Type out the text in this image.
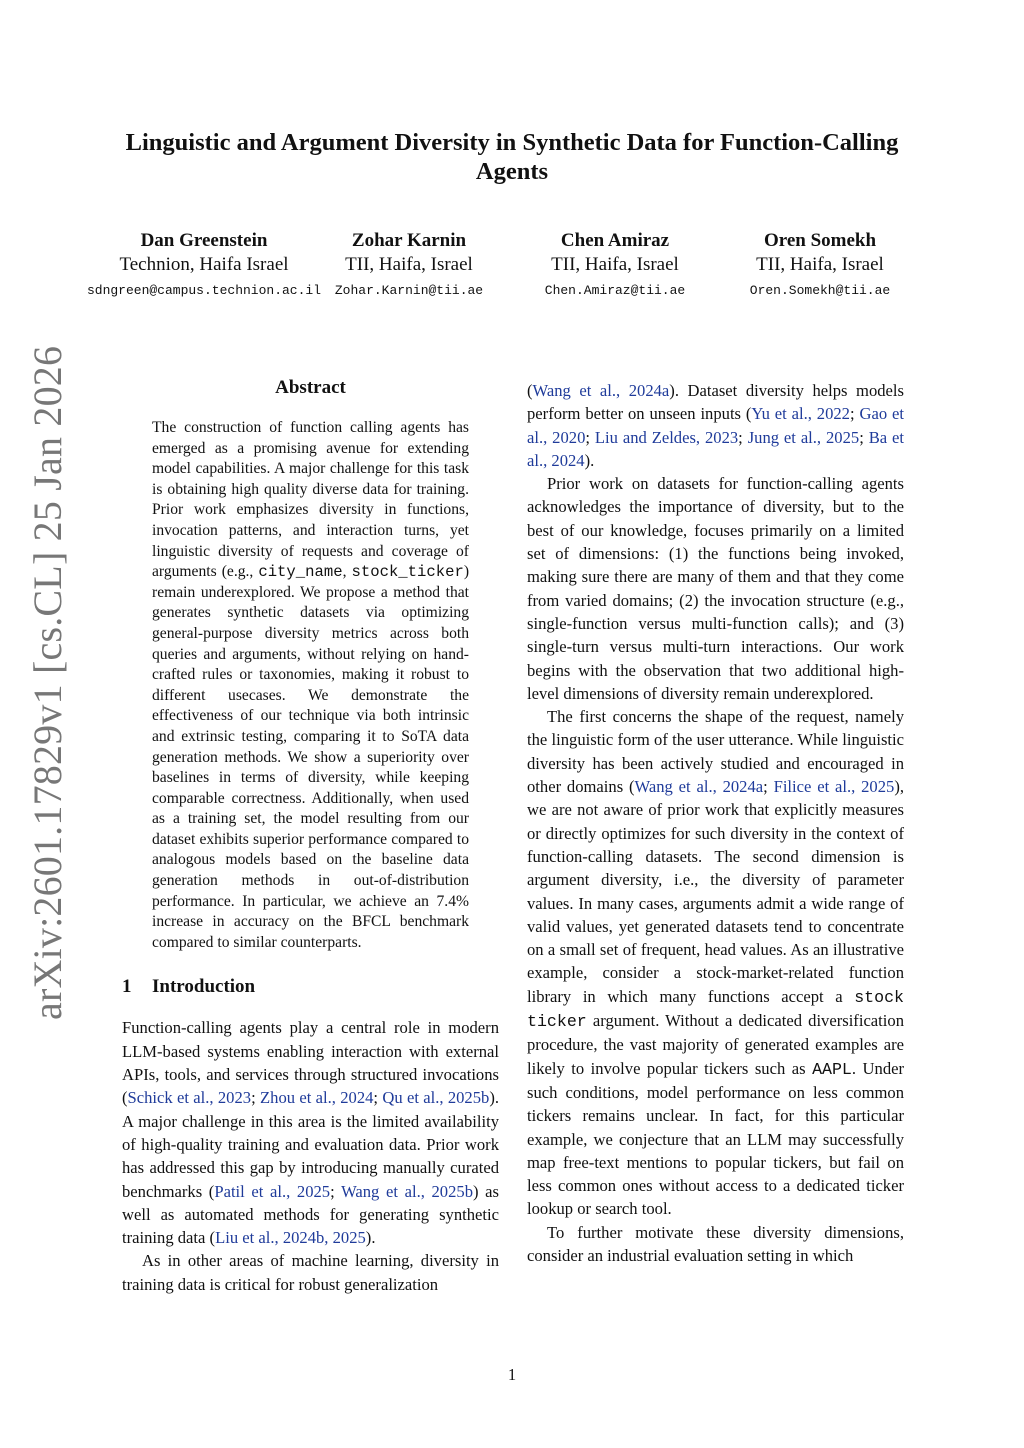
arXiv:2601.17829v1 [cs.CL] 25 Jan 2026
Linguistic and Argument Diversity in Synthetic Data for Function-Calling Agents
Dan Greenstein
Technion, Haifa Israel
sdngreen@campus.technion.ac.il
Zohar Karnin
TII, Haifa, Israel
Zohar.Karnin@tii.ae
Chen Amiraz
TII, Haifa, Israel
Chen.Amiraz@tii.ae
Oren Somekh
TII, Haifa, Israel
Oren.Somekh@tii.ae
Abstract

The construction of function calling agents has emerged as a promising avenue for extending model capabilities. A major challenge for this task is obtaining high quality diverse data for training. Prior work emphasizes diversity in functions, invocation patterns, and interaction turns, yet linguistic diversity of requests and coverage of arguments (e.g., city_name, stock_ticker) remain underexplored. We propose a method that generates synthetic datasets via optimizing general-purpose diversity metrics across both queries and arguments, without relying on hand-crafted rules or taxonomies, making it robust to different usecases. We demonstrate the effectiveness of our technique via both intrinsic and extrinsic testing, comparing it to SoTA data generation methods. We show a superiority over baselines in terms of diversity, while keeping comparable correctness. Additionally, when used as a training set, the model resulting from our dataset exhibits superior performance compared to analogous models based on the baseline data generation methods in out-of-distribution performance. In particular, we achieve an 7.4% increase in accuracy on the BFCL benchmark compared to similar counterparts.

1 Introduction

Function-calling agents play a central role in modern LLM-based systems enabling interaction with external APIs, tools, and services through structured invocations (Schick et al., 2023; Zhou et al., 2024; Qu et al., 2025b). A major challenge in this area is the limited availability of high-quality training and evaluation data. Prior work has addressed this gap by introducing manually curated benchmarks (Patil et al., 2025; Wang et al., 2025b) as well as automated methods for generating synthetic training data (Liu et al., 2024b, 2025).

As in other areas of machine learning, diversity in training data is critical for robust generalization

(Wang et al., 2024a). Dataset diversity helps models perform better on unseen inputs (Yu et al., 2022; Gao et al., 2020; Liu and Zeldes, 2023; Jung et al., 2025; Ba et al., 2024).

Prior work on datasets for function-calling agents acknowledges the importance of diversity, but to the best of our knowledge, focuses primarily on a limited set of dimensions: (1) the functions being invoked, making sure there are many of them and that they come from varied domains; (2) the invocation structure (e.g., single-function versus multi-function calls); and (3) single-turn versus multi-turn interactions. Our work begins with the observation that two additional high-level dimensions of diversity remain underexplored.

The first concerns the shape of the request, namely the linguistic form of the user utterance. While linguistic diversity has been actively studied and encouraged in other domains (Wang et al., 2024a; Filice et al., 2025), we are not aware of prior work that explicitly measures or directly optimizes for such diversity in the context of function-calling datasets. The second dimension is argument diversity, i.e., the diversity of parameter values. In many cases, arguments admit a wide range of valid values, yet generated datasets tend to concentrate on a small set of frequent, head values. As an illustrative example, consider a stock-market-related function library in which many functions accept a stock ticker argument. Without a dedicated diversification procedure, the vast majority of generated examples are likely to involve popular tickers such as AAPL. Under such conditions, model performance on less common tickers remains unclear. In fact, for this particular example, we conjecture that an LLM may successfully map free-text mentions to popular tickers, but fail on less common ones without access to a dedicated ticker lookup or search tool.

To further motivate these diversity dimensions, consider an industrial evaluation setting in which

1
